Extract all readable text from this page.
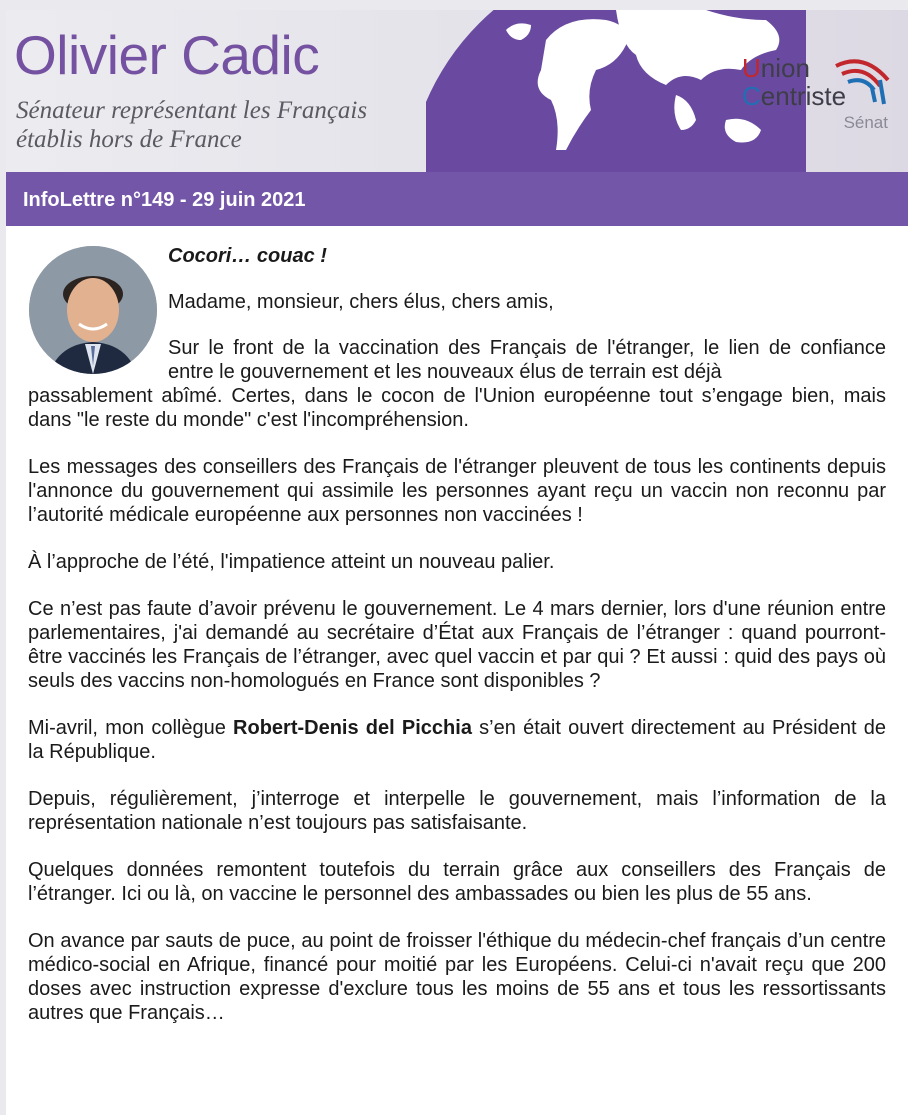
Olivier Cadic
Sénateur représentant les Français
établis hors de France
Union
Centriste
Sénat
InfoLettre n°149 - 29 juin 2021

Cocori… couac !

Madame, monsieur, chers élus, chers amis,

Sur le front de la vaccination des Français de l'étranger, le lien de confiance entre le gouvernement et les nouveaux élus de terrain est déjà
passablement abîmé. Certes, dans le cocon de l'Union européenne tout s’engage bien, mais dans "le reste du monde" c'est l'incompréhension.

Les messages des conseillers des Français de l'étranger pleuvent de tous les continents depuis l'annonce du gouvernement qui assimile les personnes ayant reçu un vaccin non reconnu par l’autorité médicale européenne aux personnes non vaccinées !

À l’approche de l’été, l'impatience atteint un nouveau palier.

Ce n’est pas faute d’avoir prévenu le gouvernement. Le 4 mars dernier, lors d'une réunion entre parlementaires, j'ai demandé au secrétaire d’État aux Français de l’étranger : quand pourront-être vaccinés les Français de l’étranger, avec quel vaccin et par qui ? Et aussi : quid des pays où seuls des vaccins non-homologués en France sont disponibles ?

Mi-avril, mon collègue Robert-Denis del Picchia s’en était ouvert directement au Président de la République.

Depuis, régulièrement, j’interroge et interpelle le gouvernement, mais l’information de la représentation nationale n’est toujours pas satisfaisante.

Quelques données remontent toutefois du terrain grâce aux conseillers des Français de l’étranger. Ici ou là, on vaccine le personnel des ambassades ou bien les plus de 55 ans.

On avance par sauts de puce, au point de froisser l'éthique du médecin-chef français d’un centre médico-social en Afrique, financé pour moitié par les Européens. Celui-ci n'avait reçu que 200 doses avec instruction expresse d'exclure tous les moins de 55 ans et tous les ressortissants autres que Français…
